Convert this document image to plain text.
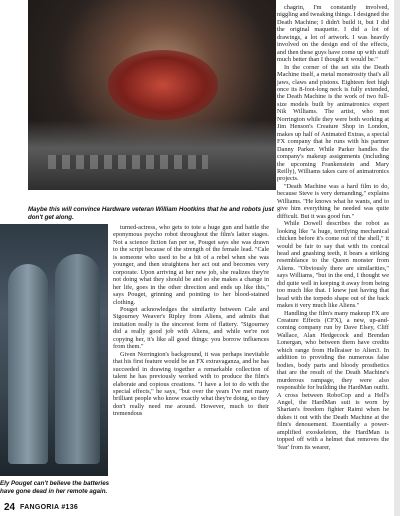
Maybe this will convince Hardware veteran William Hootkins that he and robots just don't get along.
Ely Pouget can't believe the batteries have gone dead in her remote again.

turned-actress, who gets to tote a huge gun and battle the eponymous psycho robot throughout the film's latter stages. Not a science fiction fan per se, Pouget says she was drawn to the script because of the strength of the female lead. "Cale is someone who used to be a bit of a rebel when she was younger, and then straightens her act out and becomes very corporate. Upon arriving at her new job, she realizes they're not doing what they should be and so she makes a change in her life, goes in the other direction and ends up like this," says Pouget, grinning and pointing to her blood-stained clothing.

Pouget acknowledges the similarity between Cale and Sigourney Weaver's Ripley from Aliens, and admits that imitation really is the sincerest form of flattery. "Sigourney did a really good job with Aliens, and while we're not copying her, it's like all good things: you borrow influences from them."

Given Norrington's background, it was perhaps inevitable that his first feature would be an FX extravaganza, and he has succeeded in drawing together a remarkable collection of talent he has previously worked with to produce the film's elaborate and copious creations. "I have a lot to do with the special effects," he says, "but over the years I've met many brilliant people who know exactly what they're doing, so they don't really need me around. However, much to their tremendous

chagrin, I'm constantly involved, niggling and tweaking things. I designed the Death Machine; I didn't build it, but I did the original maquette. I did a lot of drawings, a lot of artwork. I was heavily involved on the design end of the effects, and then these guys have come up with stuff much better than I thought it would be."

In the corner of the set sits the Death Machine itself, a metal monstrosity that's all jaws, claws and pistons. Eighteen feet high once its 8-foot-long neck is fully extended, the Death Machine is the work of two full-size models built by animatronics expert Nik Williams. The artist, who met Norrington while they were both working at Jim Henson's Creature Shop in London, makes up half of Animated Extras, a special FX company that he runs with his partner Danny Parker. While Parker handles the company's makeup assignments (including the upcoming Frankenstein and Mary Reilly), Williams takes care of animatronics projects.

"Death Machine was a hard film to do, because Steve is very demanding," explains Williams. "He knows what he wants, and to give him everything he needed was quite difficult. But it was good fun."

While Dowell describes the robot as looking like "a huge, terrifying mechanical chicken before it's come out of the shell," it would be fair to say that with its conical head and gnashing teeth, it bears a striking resemblance to the Queen monster from Aliens. "Obviously there are similarities," says Williams, "but in the end, I thought we did quite well in keeping it away from being too much like that. I knew just having that head with the torpedo shape out of the back makes it very much like Aliens."

Handling the film's many makeup FX are Creature Effects (CFX), a new, up-and-coming company run by Dave Elsey, Cliff Wallace, Alan Hedgecock and Brendan Lonergan, who between them have credits which range from Hellraiser to Alien3. In addition to providing the numerous false bodies, body parts and bloody prosthetics that are the result of the Death Machine's murderous rampage, they were also responsible for building the HardMan outfit. A cross between RoboCop and a Hell's Angel, the HardMan suit is worn by Sharian's freedom fighter Raimi when he dukes it out with the Death Machine at the film's denouement. Essentially a power-amplified exoskeleton, the HardMan is topped off with a helmet that removes the 'fear' from its wearer,

24 FANGORIA #136
